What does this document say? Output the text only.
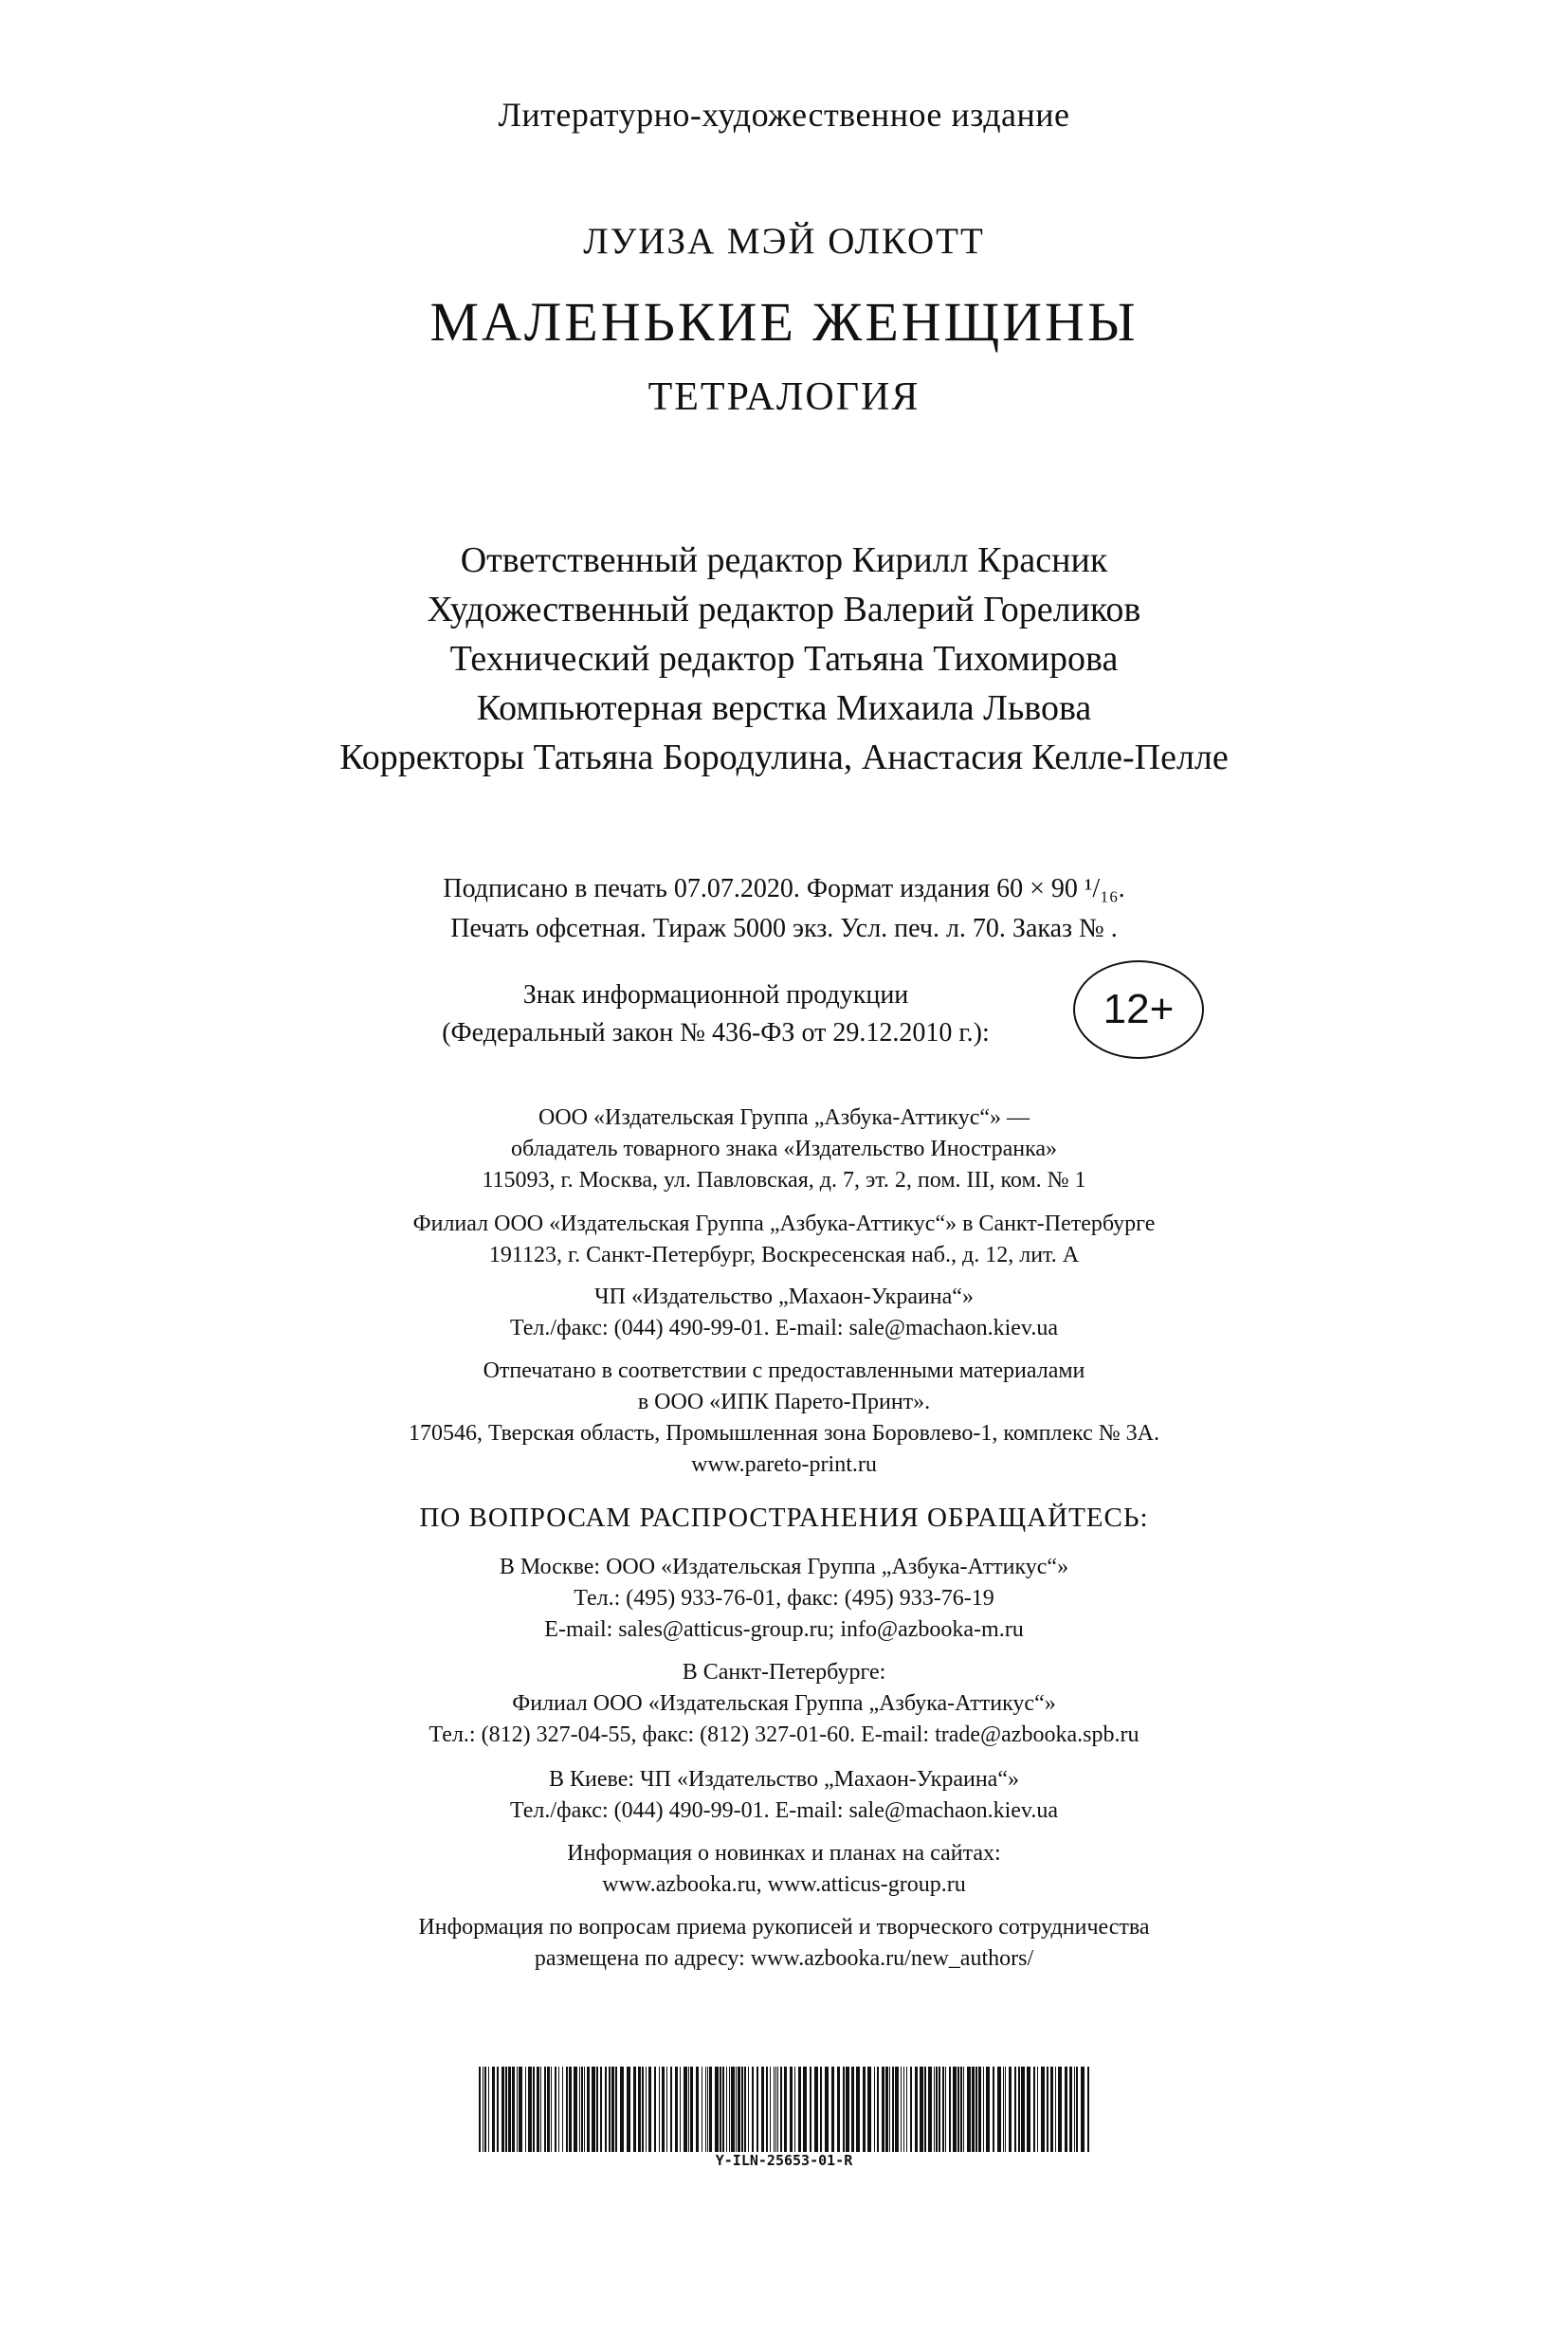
Литературно-художественное издание
ЛУИЗА МЭЙ ОЛКОТТ
МАЛЕНЬКИЕ ЖЕНЩИНЫ
ТЕТРАЛОГИЯ
Ответственный редактор Кирилл Красник
Художественный редактор Валерий Гореликов
Технический редактор Татьяна Тихомирова
Компьютерная верстка Михаила Львова
Корректоры Татьяна Бородулина, Анастасия Келле-Пелле
Подписано в печать 07.07.2020. Формат издания 60 × 90 ¹/₁₆.
Печать офсетная. Тираж 5000 экз. Усл. печ. л. 70. Заказ № .
Знак информационной продукции
(Федеральный закон № 436-ФЗ от 29.12.2010 г.):
12+
ООО «Издательская Группа „Азбука-Аттикус“» —
обладатель товарного знака «Издательство Иностранка»
115093, г. Москва, ул. Павловская, д. 7, эт. 2, пом. III, ком. № 1
Филиал ООО «Издательская Группа „Азбука-Аттикус“» в Санкт-Петербурге
191123, г. Санкт-Петербург, Воскресенская наб., д. 12, лит. А
ЧП «Издательство „Махаон-Украина“»
Тел./факс: (044) 490-99-01. E-mail: sale@machaon.kiev.ua
Отпечатано в соответствии с предоставленными материалами
в ООО «ИПК Парето-Принт».
170546, Тверская область, Промышленная зона Боровлево-1, комплекс № 3А.
www.pareto-print.ru
ПО ВОПРОСАМ РАСПРОСТРАНЕНИЯ ОБРАЩАЙТЕСЬ:
В Москве: ООО «Издательская Группа „Азбука-Аттикус“»
Тел.: (495) 933-76-01, факс: (495) 933-76-19
E-mail: sales@atticus-group.ru; info@azbooka-m.ru
В Санкт-Петербурге:
Филиал ООО «Издательская Группа „Азбука-Аттикус“»
Тел.: (812) 327-04-55, факс: (812) 327-01-60. E-mail: trade@azbooka.spb.ru
В Киеве: ЧП «Издательство „Махаон-Украина“»
Тел./факс: (044) 490-99-01. E-mail: sale@machaon.kiev.ua
Информация о новинках и планах на сайтах:
www.azbooka.ru, www.atticus-group.ru
Информация по вопросам приема рукописей и творческого сотрудничества
размещена по адресу: www.azbooka.ru/new_authors/
Y-ILN-25653-01-R
